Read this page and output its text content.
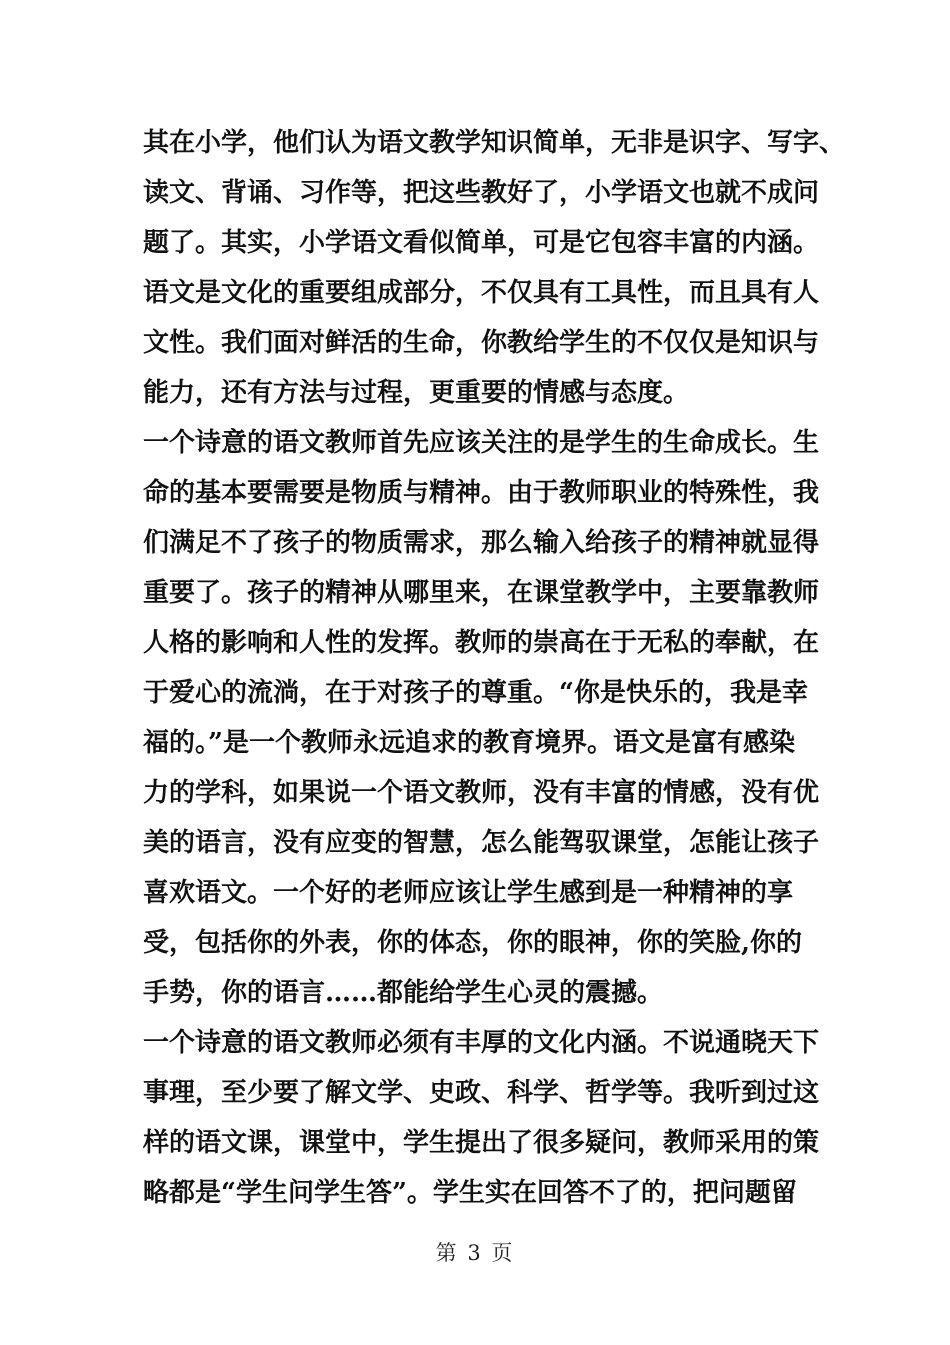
其在小学，他们认为语文教学知识简单，无非是识字、写字、
读文、背诵、习作等，把这些教好了，小学语文也就不成问
题了。其实，小学语文看似简单，可是它包容丰富的内涵。
语文是文化的重要组成部分，不仅具有工具性，而且具有人
文性。我们面对鲜活的生命，你教给学生的不仅仅是知识与
能力，还有方法与过程，更重要的情感与态度。
一个诗意的语文教师首先应该关注的是学生的生命成长。生
命的基本要需要是物质与精神。由于教师职业的特殊性，我
们满足不了孩子的物质需求，那么输入给孩子的精神就显得
重要了。孩子的精神从哪里来，在课堂教学中，主要靠教师
人格的影响和人性的发挥。教师的崇高在于无私的奉献，在
于爱心的流淌，在于对孩子的尊重。“你是快乐的，我是幸
福的。”是一个教师永远追求的教育境界。语文是富有感染
力的学科，如果说一个语文教师，没有丰富的情感，没有优
美的语言，没有应变的智慧，怎么能驾驭课堂，怎能让孩子
喜欢语文。一个好的老师应该让学生感到是一种精神的享
受，包括你的外表，你的体态，你的眼神，你的笑脸,你的
手势，你的语言……都能给学生心灵的震撼。
一个诗意的语文教师必须有丰厚的文化内涵。不说通晓天下
事理，至少要了解文学、史政、科学、哲学等。我听到过这
样的语文课，课堂中，学生提出了很多疑问，教师采用的策
略都是“学生问学生答”。学生实在回答不了的，把问题留
第 3 页
